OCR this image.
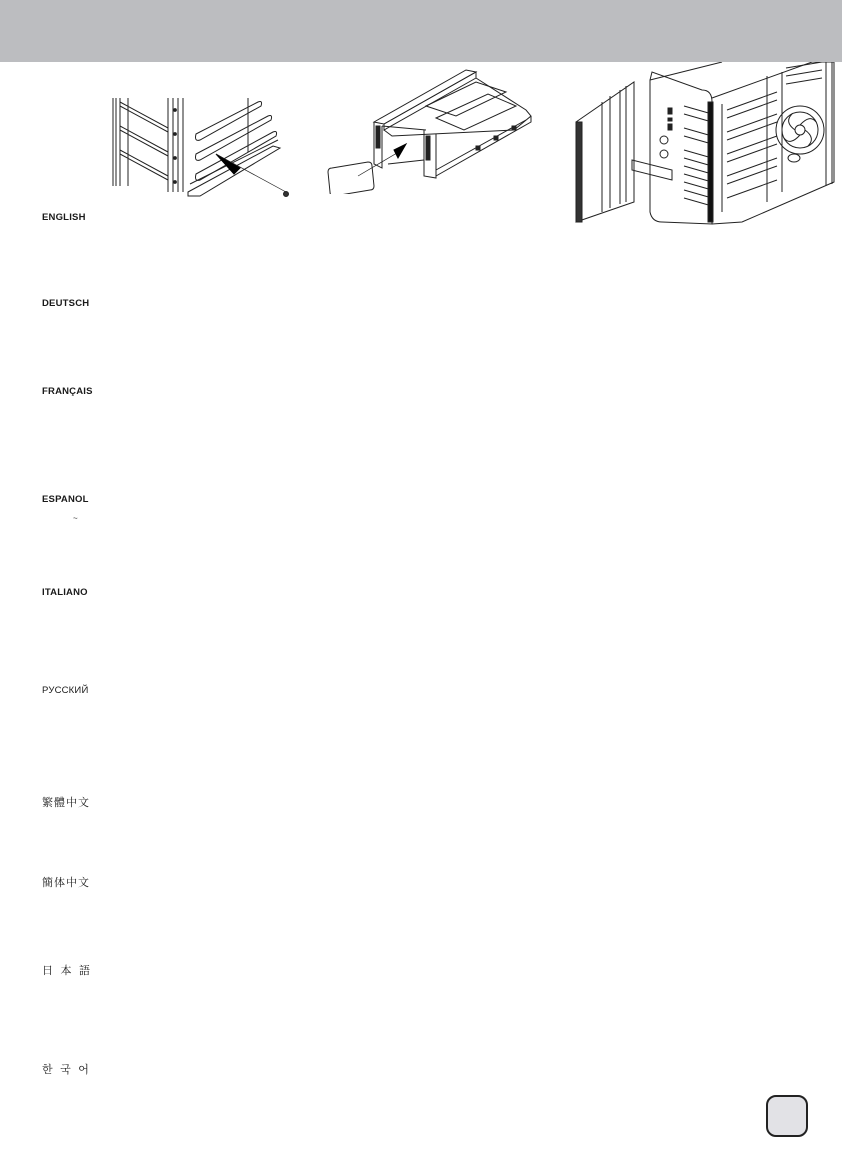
ENGLISH
DEUTSCH
FRANÇAIS
ESPANOL
~
ITALIANO
РУССКИЙ
繁體中文
簡体中文
日 本 語
한 국 어
